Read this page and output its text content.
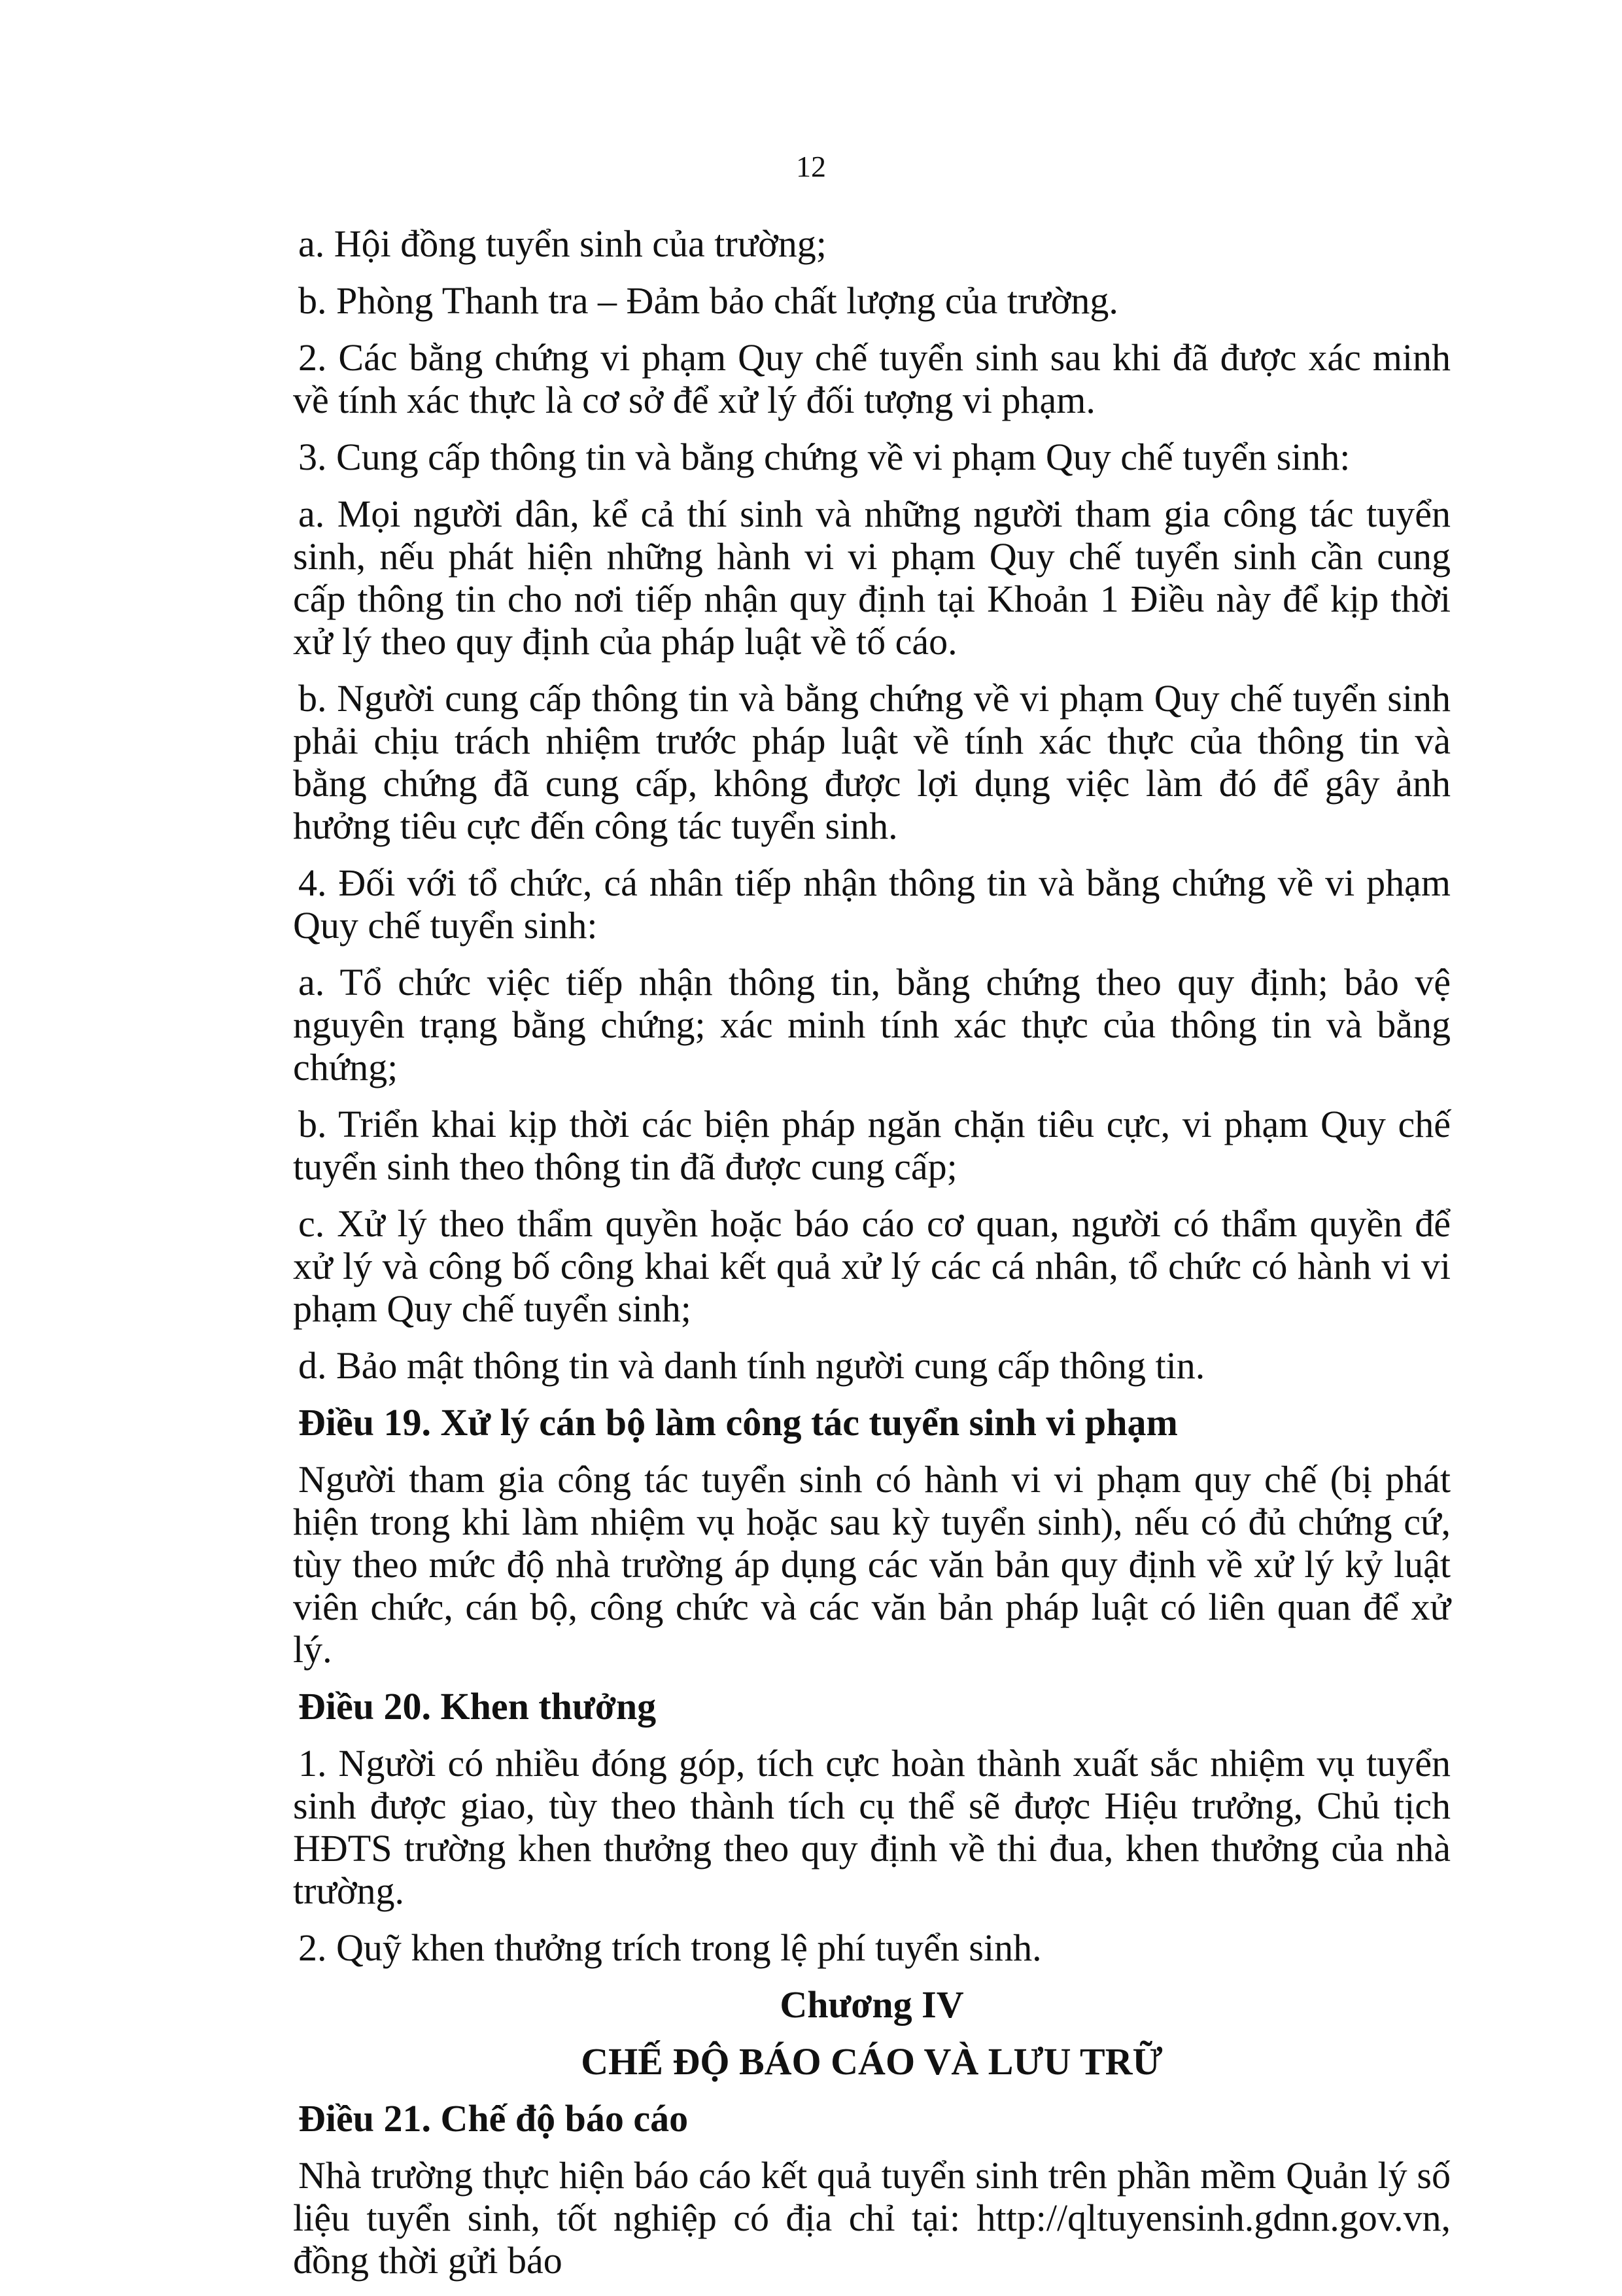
12

a. Hội đồng tuyển sinh của trường;

b. Phòng Thanh tra – Đảm bảo chất lượng của trường.

2. Các bằng chứng vi phạm Quy chế tuyển sinh sau khi đã được xác minh về tính xác thực là cơ sở để xử lý đối tượng vi phạm.

3. Cung cấp thông tin và bằng chứng về vi phạm Quy chế tuyển sinh:

a. Mọi người dân, kể cả thí sinh và những người tham gia công tác tuyển sinh, nếu phát hiện những hành vi vi phạm Quy chế tuyển sinh cần cung cấp thông tin cho nơi tiếp nhận quy định tại Khoản 1 Điều này để kịp thời xử lý theo quy định của pháp luật về tố cáo.

b. Người cung cấp thông tin và bằng chứng về vi phạm Quy chế tuyển sinh phải chịu trách nhiệm trước pháp luật về tính xác thực của thông tin và bằng chứng đã cung cấp, không được lợi dụng việc làm đó để gây ảnh hưởng tiêu cực đến công tác tuyển sinh.

4. Đối với tổ chức, cá nhân tiếp nhận thông tin và bằng chứng về vi phạm Quy chế tuyển sinh:

a. Tổ chức việc tiếp nhận thông tin, bằng chứng theo quy định; bảo vệ nguyên trạng bằng chứng; xác minh tính xác thực của thông tin và bằng chứng;

b. Triển khai kịp thời các biện pháp ngăn chặn tiêu cực, vi phạm Quy chế tuyển sinh theo thông tin đã được cung cấp;

c. Xử lý theo thẩm quyền hoặc báo cáo cơ quan, người có thẩm quyền để xử lý và công bố công khai kết quả xử lý các cá nhân, tổ chức có hành vi vi phạm Quy chế tuyển sinh;

d. Bảo mật thông tin và danh tính người cung cấp thông tin.

Điều 19. Xử lý cán bộ làm công tác tuyển sinh vi phạm

Người tham gia công tác tuyển sinh có hành vi vi phạm quy chế (bị phát hiện trong khi làm nhiệm vụ hoặc sau kỳ tuyển sinh), nếu có đủ chứng cứ, tùy theo mức độ nhà trường áp dụng các văn bản quy định về xử lý kỷ luật viên chức, cán bộ, công chức và các văn bản pháp luật có liên quan để xử lý.

Điều 20. Khen thưởng

1. Người có nhiều đóng góp, tích cực hoàn thành xuất sắc nhiệm vụ tuyển sinh được giao, tùy theo thành tích cụ thể sẽ được Hiệu trưởng, Chủ tịch HĐTS trường khen thưởng theo quy định về thi đua, khen thưởng của nhà trường.

2. Quỹ khen thưởng trích trong lệ phí tuyển sinh.

Chương IV

CHẾ ĐỘ BÁO CÁO VÀ LƯU TRỮ

Điều 21. Chế độ báo cáo

Nhà trường thực hiện báo cáo kết quả tuyển sinh trên phần mềm Quản lý số liệu tuyển sinh, tốt nghiệp có địa chỉ tại: http://qltuyensinh.gdnn.gov.vn, đồng thời gửi báo
